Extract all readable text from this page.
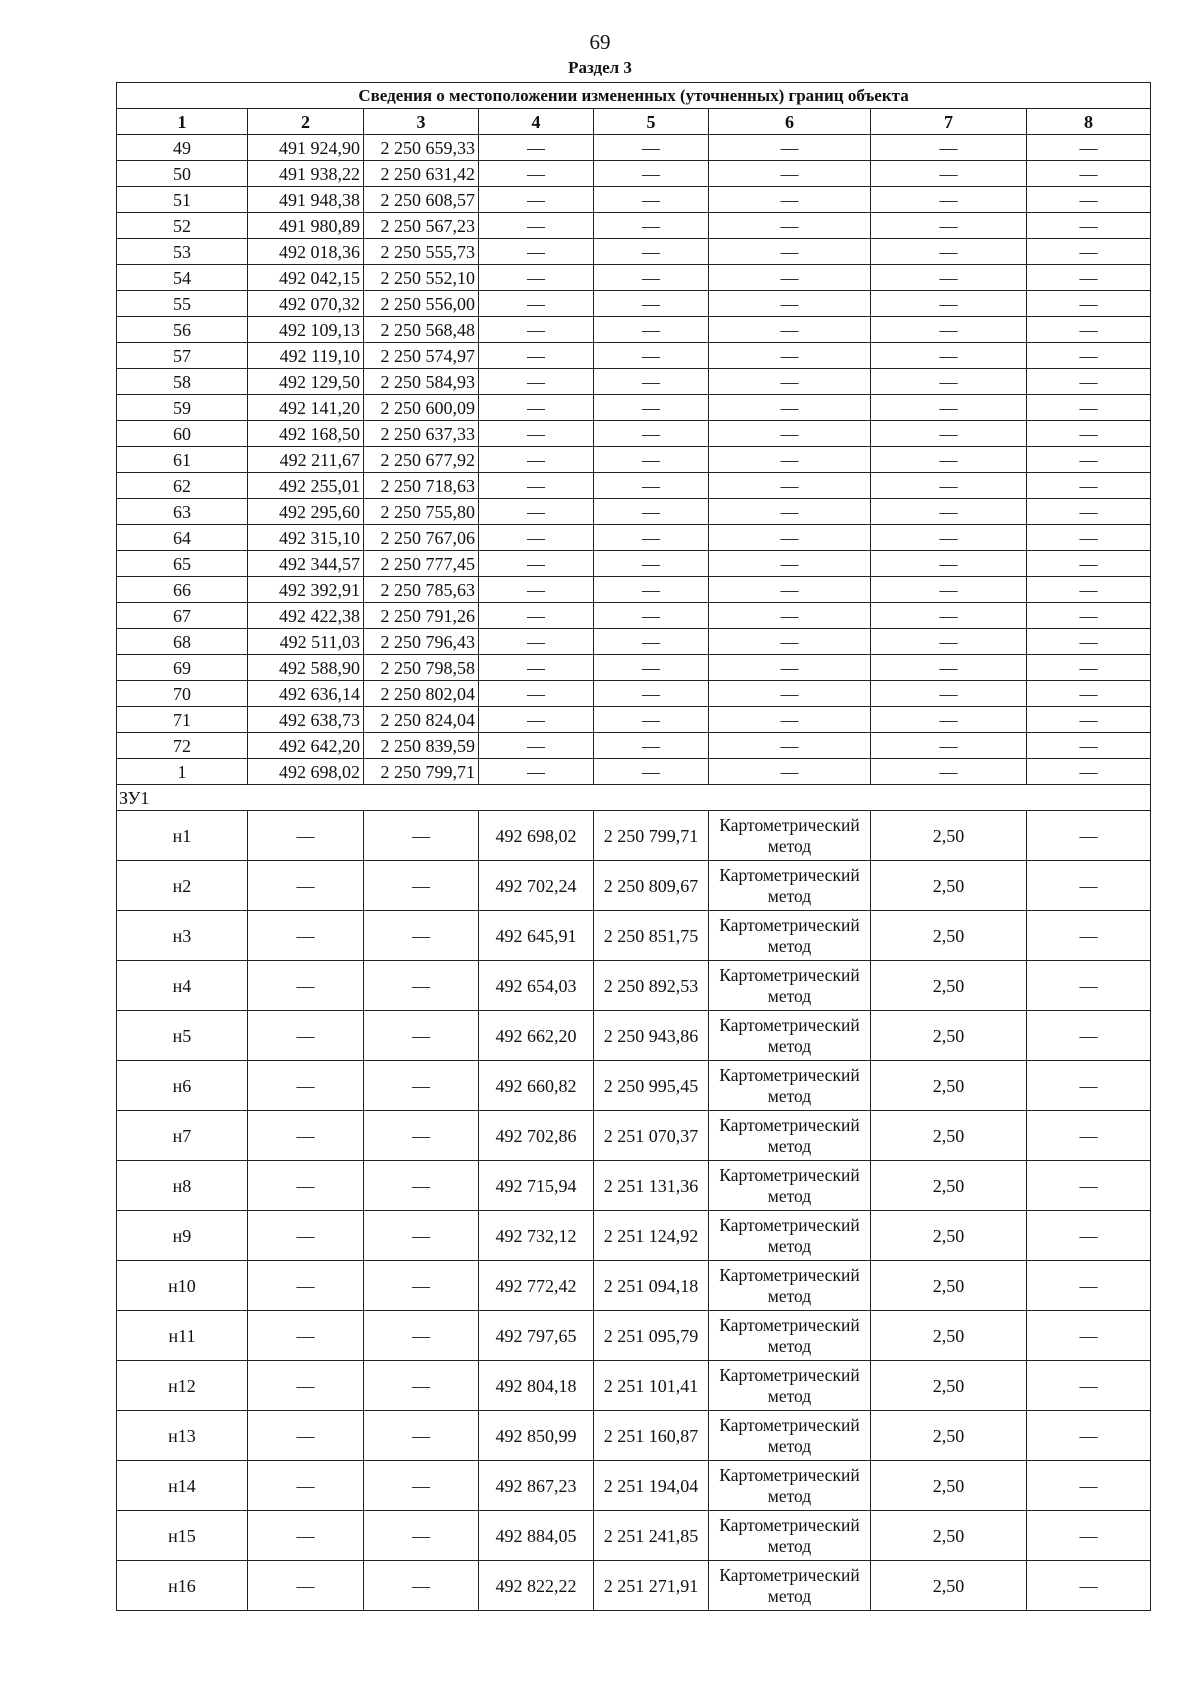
69
Раздел 3
Сведения о местоположении измененных (уточненных) границ объекта							
1	2	3	4	5	6	7	8
49	491 924,90	2 250 659,33	—	—	—	—	—
50	491 938,22	2 250 631,42	—	—	—	—	—
51	491 948,38	2 250 608,57	—	—	—	—	—
52	491 980,89	2 250 567,23	—	—	—	—	—
53	492 018,36	2 250 555,73	—	—	—	—	—
54	492 042,15	2 250 552,10	—	—	—	—	—
55	492 070,32	2 250 556,00	—	—	—	—	—
56	492 109,13	2 250 568,48	—	—	—	—	—
57	492 119,10	2 250 574,97	—	—	—	—	—
58	492 129,50	2 250 584,93	—	—	—	—	—
59	492 141,20	2 250 600,09	—	—	—	—	—
60	492 168,50	2 250 637,33	—	—	—	—	—
61	492 211,67	2 250 677,92	—	—	—	—	—
62	492 255,01	2 250 718,63	—	—	—	—	—
63	492 295,60	2 250 755,80	—	—	—	—	—
64	492 315,10	2 250 767,06	—	—	—	—	—
65	492 344,57	2 250 777,45	—	—	—	—	—
66	492 392,91	2 250 785,63	—	—	—	—	—
67	492 422,38	2 250 791,26	—	—	—	—	—
68	492 511,03	2 250 796,43	—	—	—	—	—
69	492 588,90	2 250 798,58	—	—	—	—	—
70	492 636,14	2 250 802,04	—	—	—	—	—
71	492 638,73	2 250 824,04	—	—	—	—	—
72	492 642,20	2 250 839,59	—	—	—	—	—
1	492 698,02	2 250 799,71	—	—	—	—	—
ЗУ1							
н1	—	—	492 698,02	2 250 799,71	Картометрический метод	2,50	—
н2	—	—	492 702,24	2 250 809,67	Картометрический метод	2,50	—
н3	—	—	492 645,91	2 250 851,75	Картометрический метод	2,50	—
н4	—	—	492 654,03	2 250 892,53	Картометрический метод	2,50	—
н5	—	—	492 662,20	2 250 943,86	Картометрический метод	2,50	—
н6	—	—	492 660,82	2 250 995,45	Картометрический метод	2,50	—
н7	—	—	492 702,86	2 251 070,37	Картометрический метод	2,50	—
н8	—	—	492 715,94	2 251 131,36	Картометрический метод	2,50	—
н9	—	—	492 732,12	2 251 124,92	Картометрический метод	2,50	—
н10	—	—	492 772,42	2 251 094,18	Картометрический метод	2,50	—
н11	—	—	492 797,65	2 251 095,79	Картометрический метод	2,50	—
н12	—	—	492 804,18	2 251 101,41	Картометрический метод	2,50	—
н13	—	—	492 850,99	2 251 160,87	Картометрический метод	2,50	—
н14	—	—	492 867,23	2 251 194,04	Картометрический метод	2,50	—
н15	—	—	492 884,05	2 251 241,85	Картометрический метод	2,50	—
н16	—	—	492 822,22	2 251 271,91	Картометрический метод	2,50	—
